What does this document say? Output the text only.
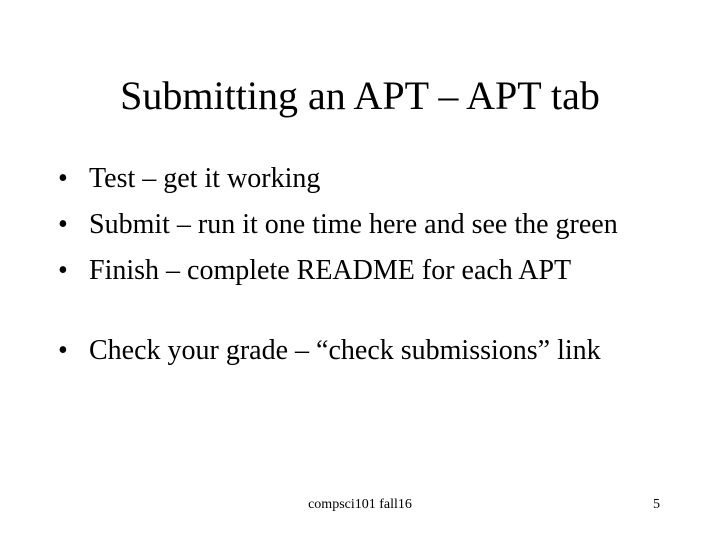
Submitting an APT – APT tab
• Test – get it working
• Submit – run it one time here and see the green
• Finish – complete README for each APT
• Check your grade – “check submissions” link
compsci101 fall16	5
